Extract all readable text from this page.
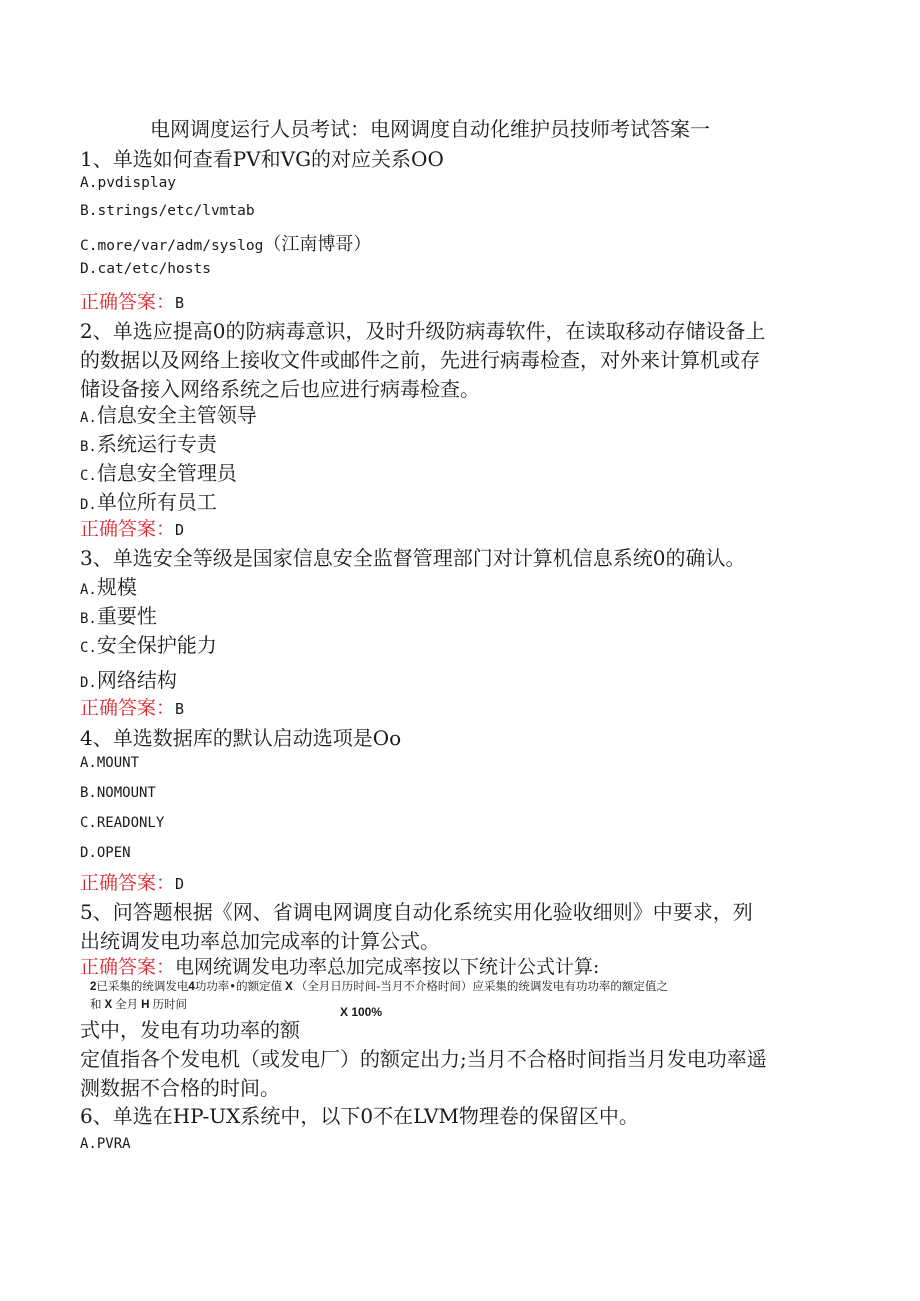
电网调度运行人员考试：电网调度自动化维护员技师考试答案一
1、单选如何查看PV和VG的对应关系OO
A.pvdisplay
B.strings/etc/lvmtab
C.more/var/adm/syslog（江南博哥）
D.cat/etc/hosts
正确答案：B
2、单选应提高0的防病毒意识，及时升级防病毒软件，在读取移动存储设备上
的数据以及网络上接收文件或邮件之前，先进行病毒检查，对外来计算机或存
储设备接入网络系统之后也应进行病毒检查。
A.信息安全主管领导
B.系统运行专责
C.信息安全管理员
D.单位所有员工
正确答案：D
3、单选安全等级是国家信息安全监督管理部门对计算机信息系统0的确认。
A.规模
B.重要性
C.安全保护能力
D.网络结构
正确答案：B
4、单选数据库的默认启动选项是Oo
A.MOUNT
B.NOMOUNT
C.READONLY
D.OPEN
正确答案：D
5、问答题根据《网、省调电网调度自动化系统实用化验收细则》中要求，列
出统调发电功率总加完成率的计算公式。
正确答案：电网统调发电功率总加完成率按以下统计公式计算:
2已采集的统调发电4功功率•的额定值 X （全月日历时间-当月不介格时间）应采集的统调发电有功功率的额定值之
和 X 全月 H 历时间
X 100%
式中，发电有功功率的额
定值指各个发电机（或发电厂）的额定出力;当月不合格时间指当月发电功率遥
测数据不合格的时间。
6、单选在HP-UX系统中，以下0不在LVM物理卷的保留区中。
A.PVRA
